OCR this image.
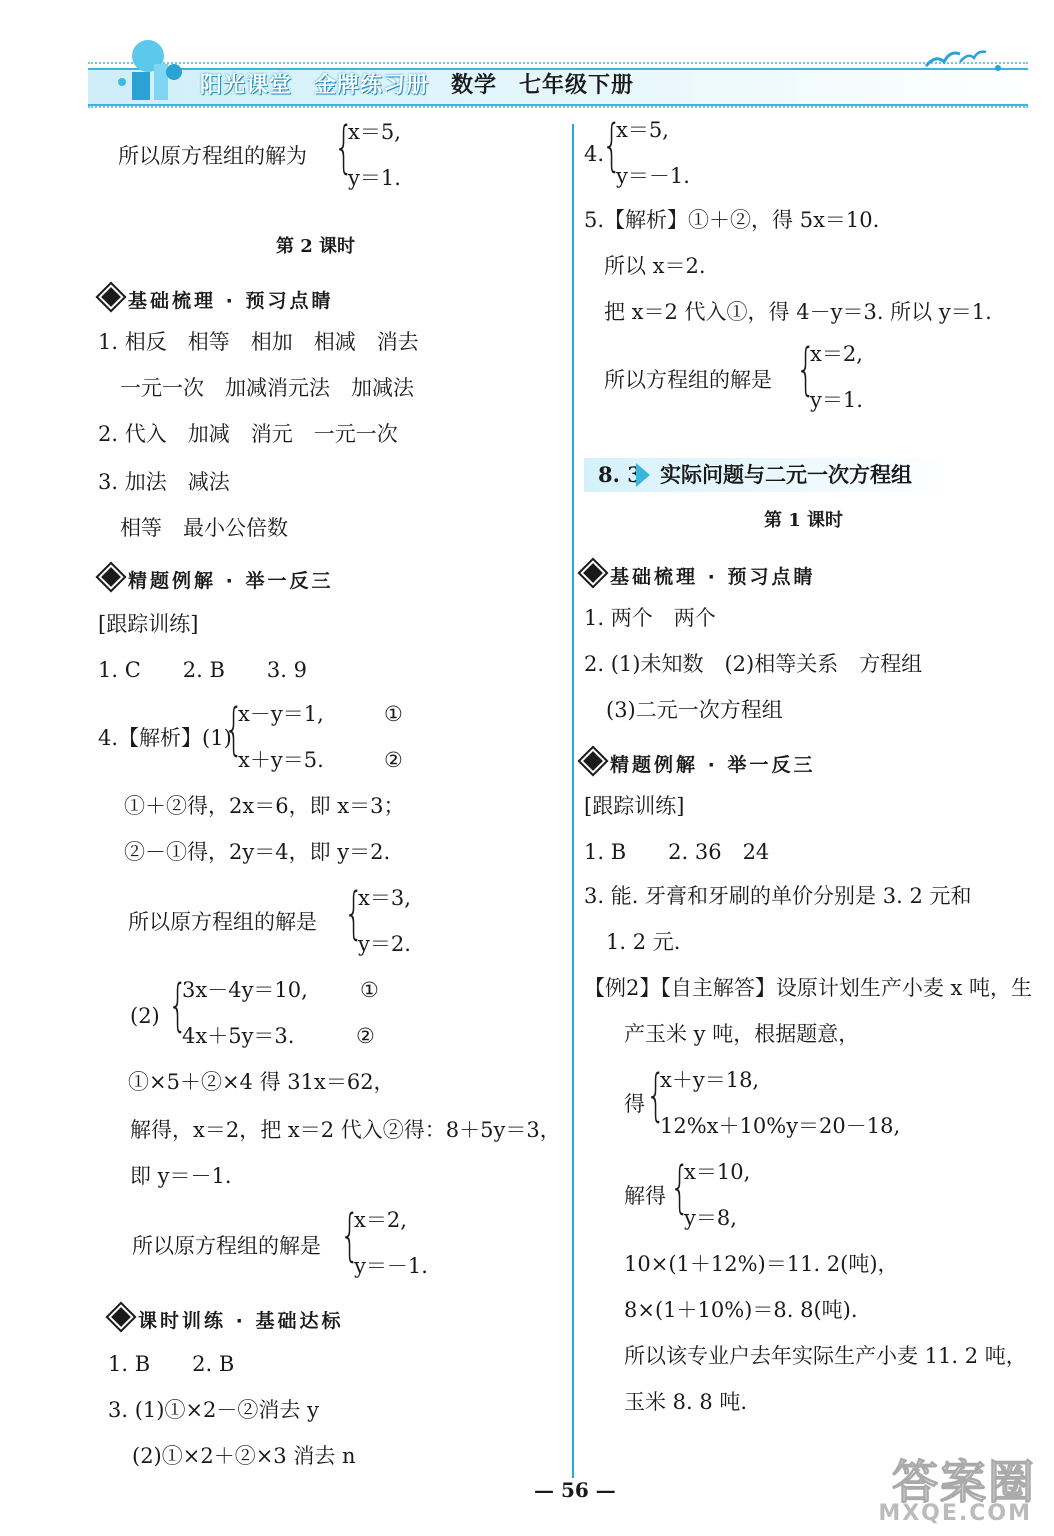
阳光课堂 金牌练习册 数学 七年级下册
所以原方程组的解为 {
x＝5,
y＝1.
第 2 课时
基础梳理 · 预习点睛
1. 相反　相等　相加　相减　消去
一元一次　加减消元法　加减法
2. 代入　加减　消元　一元一次
3. 加法　减法
相等　最小公倍数
精题例解 · 举一反三
[跟踪训练]
1. C　　2. B　　3. 9
4.【解析】(1)
{
x－y＝1,	①
x＋y＝5.	②
①＋②得，2x＝6，即 x＝3；
②－①得，2y＝4，即 y＝2.
所以原方程组的解是 {
x＝3,
y＝2.
(2) {
3x－4y＝10, ①
4x＋5y＝3.	②
①×5＋②×4 得 31x＝62，
解得，x＝2，把 x＝2 代入②得：8＋5y＝3，
即 y＝－1.
所以原方程组的解是 {
x＝2,
y＝－1.
课时训练 · 基础达标
1. B　　2. B
3. (1)①×2－②消去 y
(2)①×2＋②×3 消去 n
4.
{
x＝5,
y＝－1.
5.【解析】①＋②，得 5x＝10.
所以 x＝2.
把 x＝2 代入①，得 4－y＝3. 所以 y＝1.
所以方程组的解是 {
x＝2,
y＝1.
8. 3 实际问题与二元一次方程组
第 1 课时
基础梳理 · 预习点睛
1. 两个　两个
2. (1)未知数　(2)相等关系　方程组
(3)二元一次方程组
精题例解 · 举一反三
[跟踪训练]
1. B　　2. 36　24
3. 能. 牙膏和牙刷的单价分别是 3. 2 元和
1. 2 元.
【例2】【自主解答】设原计划生产小麦 x 吨，生
产玉米 y 吨，根据题意，
得 {
x＋y＝18,
12%x＋10%y＝20－18,
解得 {
x＝10,
y＝8,
10×(1＋12%)＝11. 2(吨)，
8×(1＋10%)＝8. 8(吨).
所以该专业户去年实际生产小麦 11. 2 吨，
玉米 8. 8 吨.
— 56 —	答案圈
MXQE.COM
